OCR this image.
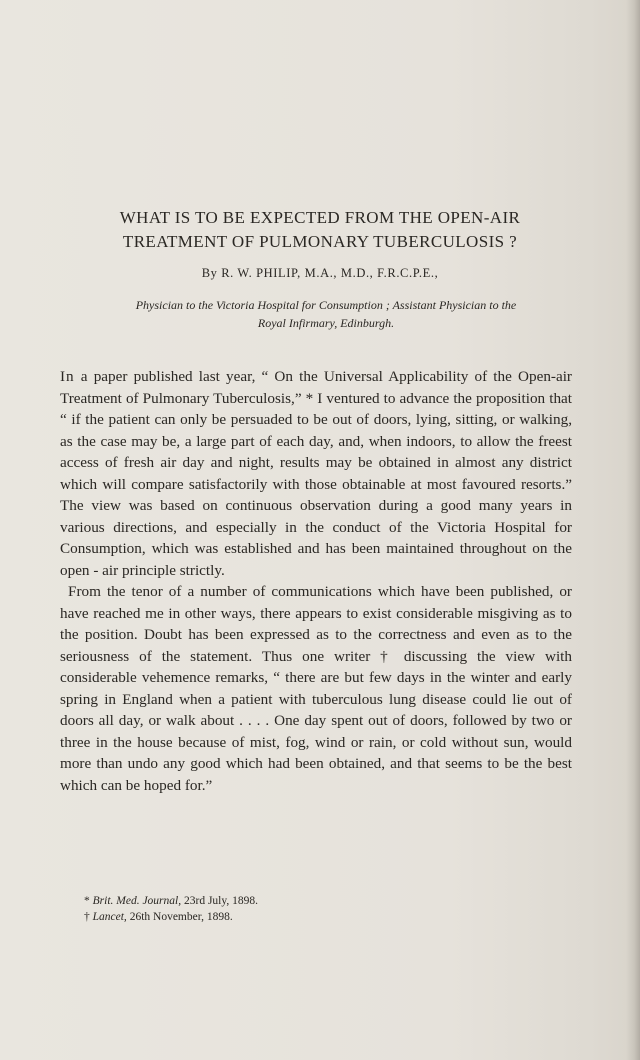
WHAT IS TO BE EXPECTED FROM THE OPEN-AIR
TREATMENT OF PULMONARY TUBERCULOSIS ?
By R. W. PHILIP, M.A., M.D., F.R.C.P.E.,
Physician to the Victoria Hospital for Consumption ; Assistant Physician to the
Royal Infirmary, Edinburgh.

In a paper published last year, “ On the Universal Applicability of the Open-air Treatment of Pulmonary Tuberculosis,” * I ventured to advance the proposition that “ if the patient can only be persuaded to be out of doors, lying, sitting, or walking, as the case may be, a large part of each day, and, when indoors, to allow the freest access of fresh air day and night, results may be obtained in almost any district which will compare satisfactorily with those obtainable at most favoured resorts.” The view was based on continuous observation during a good many years in various directions, and especially in the conduct of the Victoria Hospital for Consumption, which was established and has been maintained throughout on the open - air principle strictly.

From the tenor of a number of communications which have been published, or have reached me in other ways, there appears to exist considerable misgiving as to the position. Doubt has been expressed as to the correctness and even as to the seriousness of the statement. Thus one writer † discussing the view with considerable vehemence remarks, “ there are but few days in the winter and early spring in England when a patient with tuberculous lung disease could lie out of doors all day, or walk about . . . . One day spent out of doors, followed by two or three in the house because of mist, fog, wind or rain, or cold without sun, would more than undo any good which had been obtained, and that seems to be the best which can be hoped for.”

* Brit. Med. Journal, 23rd July, 1898.
† Lancet, 26th November, 1898.
